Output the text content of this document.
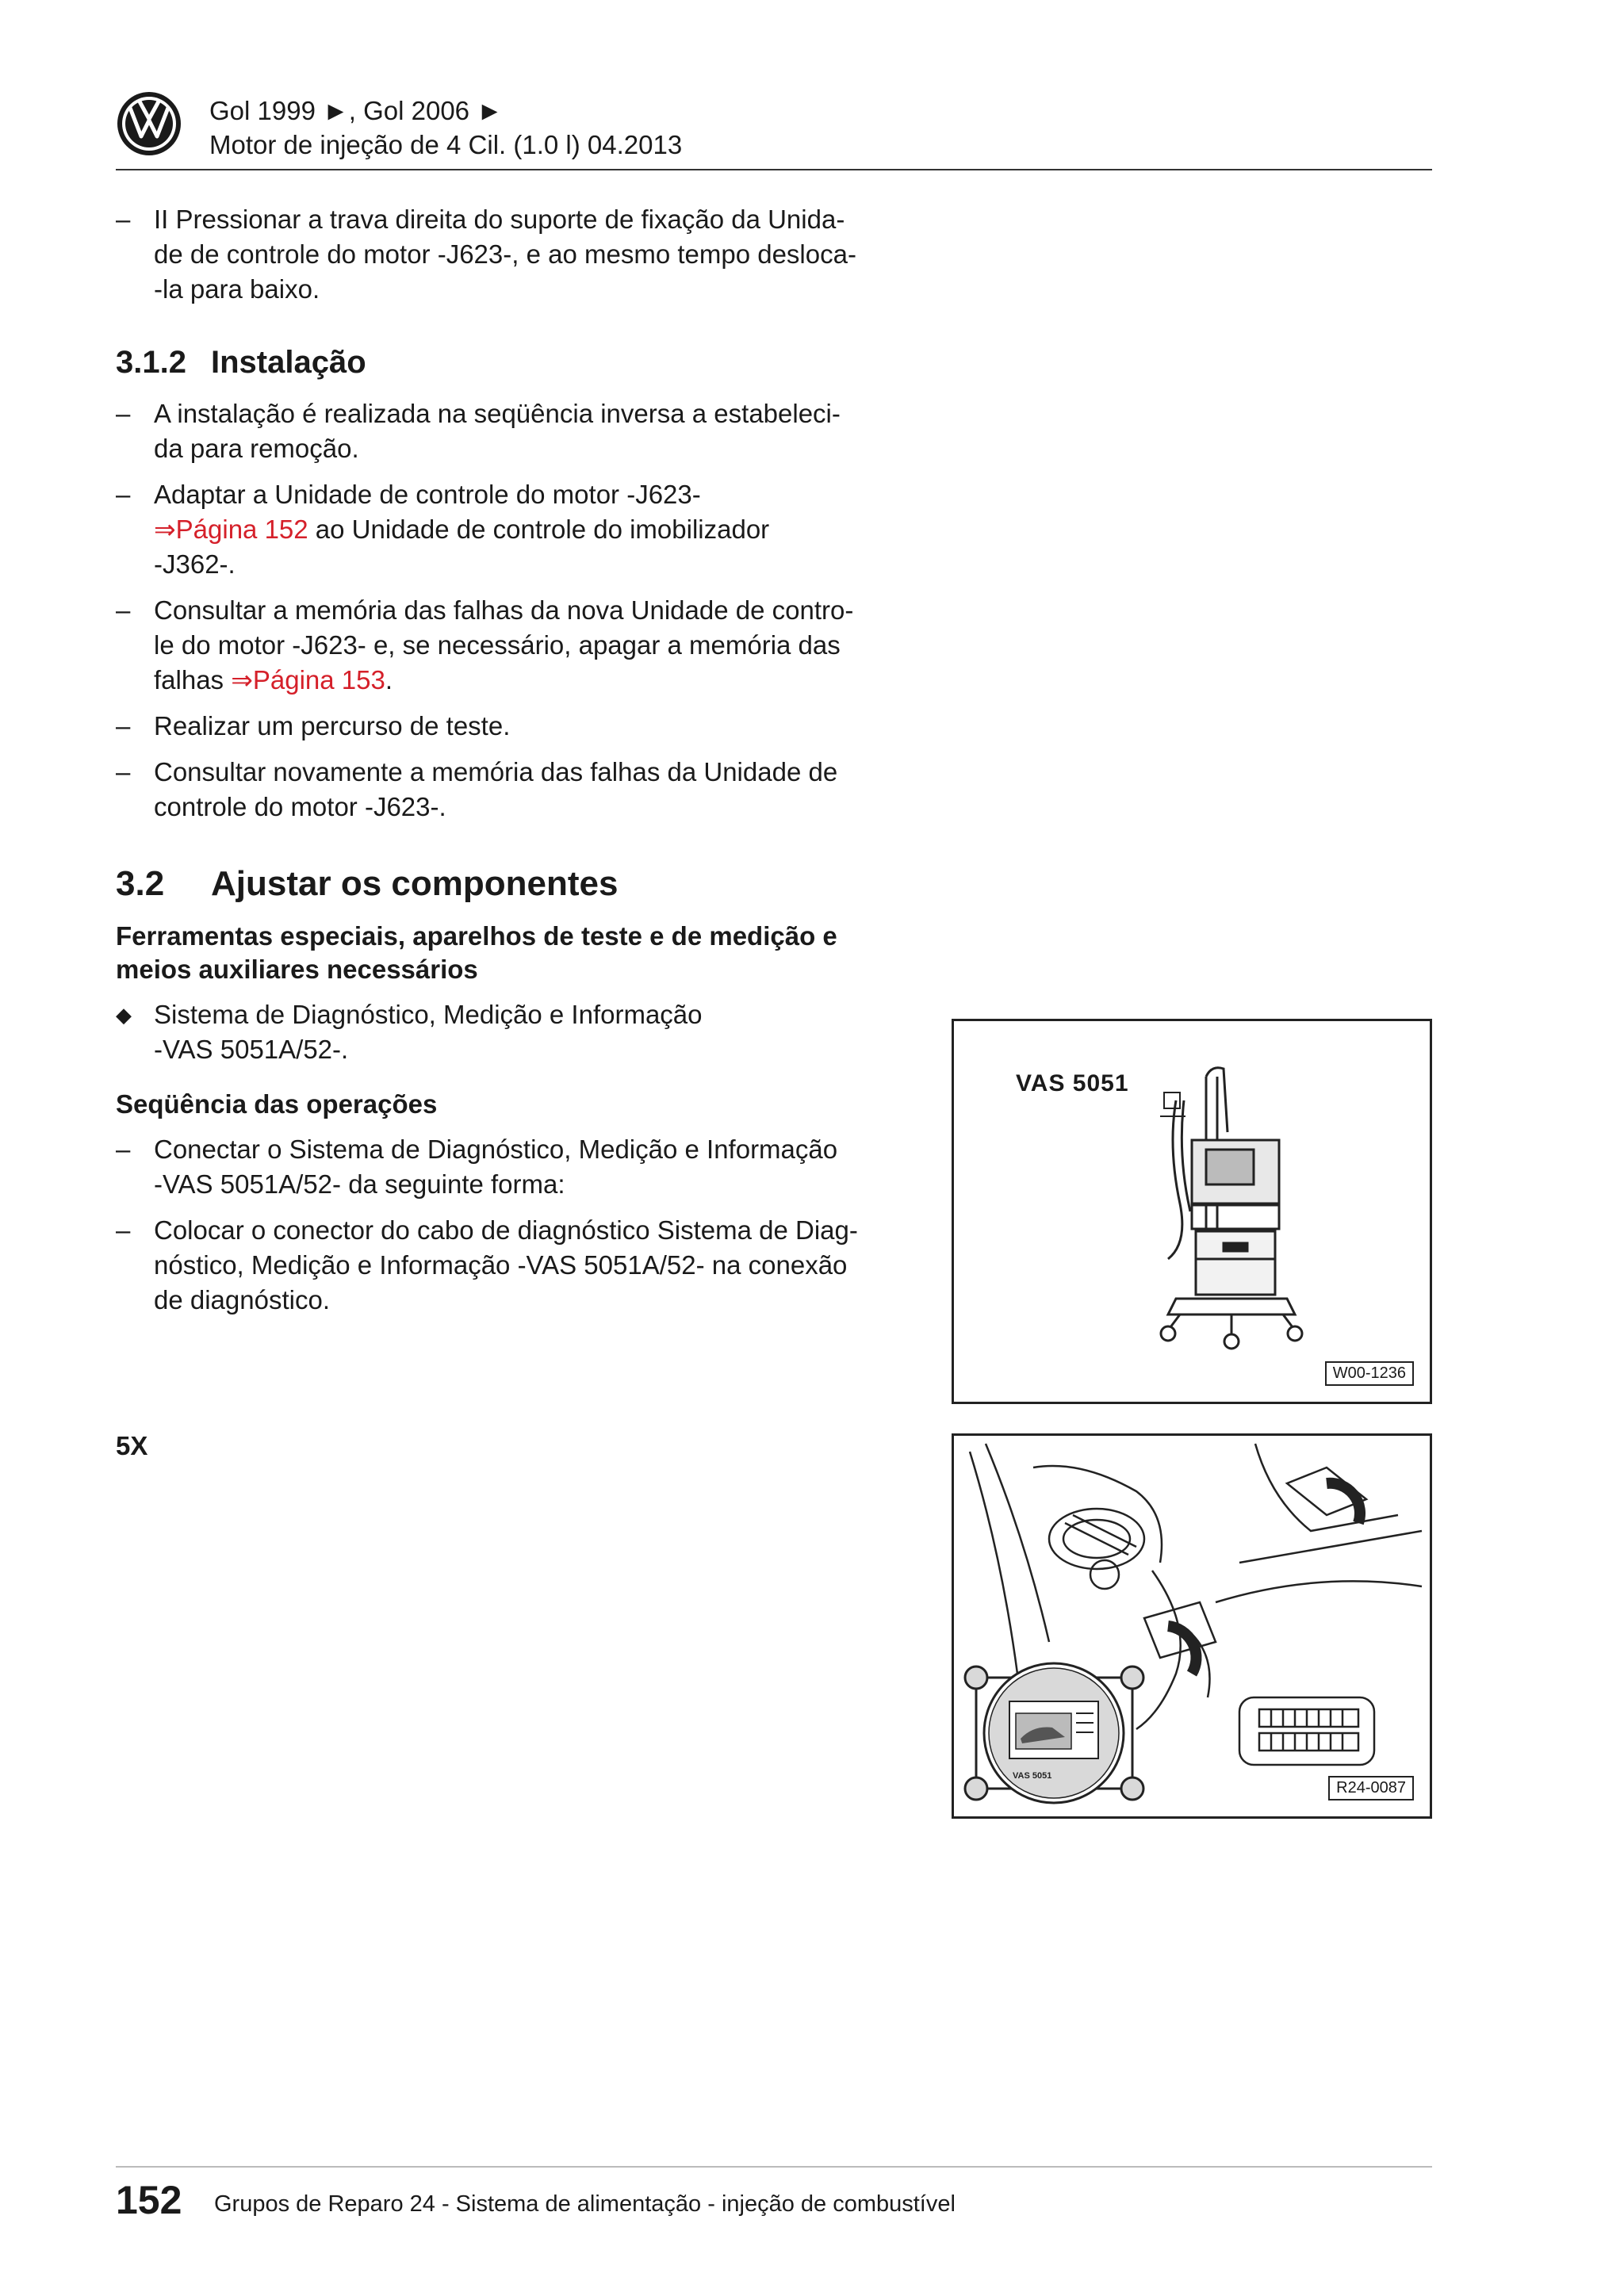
Gol 1999 ►, Gol 2006 ►
Motor de injeção de 4 Cil. (1.0 l) 04.2013
– II Pressionar a trava direita do suporte de fixação da Unida-
de de controle do motor -J623-, e ao mesmo tempo desloca-
-la para baixo.
3.1.2 Instalação
– A instalação é realizada na seqüência inversa a estabeleci-
da para remoção.
– Adaptar a Unidade de controle do motor -J623-
⇒Página 152 ao Unidade de controle do imobilizador
-J362-.
– Consultar a memória das falhas da nova Unidade de contro-
le do motor -J623- e, se necessário, apagar a memória das
falhas ⇒Página 153.
– Realizar um percurso de teste.
– Consultar novamente a memória das falhas da Unidade de
controle do motor -J623-.
3.2 Ajustar os componentes
Ferramentas especiais, aparelhos de teste e de medição e
meios auxiliares necessários
◆ Sistema de Diagnóstico, Medição e Informação
-VAS 5051A/52-.
Seqüência das operações
– Conectar o Sistema de Diagnóstico, Medição e Informação
-VAS 5051A/52- da seguinte forma:
– Colocar o conector do cabo de diagnóstico Sistema de Diag-
nóstico, Medição e Informação -VAS 5051A/52- na conexão
de diagnóstico.
5X
VAS 5051
W00-1236
VAS 5051
R24-0087
152 Grupos de Reparo 24 - Sistema de alimentação - injeção de combustível
